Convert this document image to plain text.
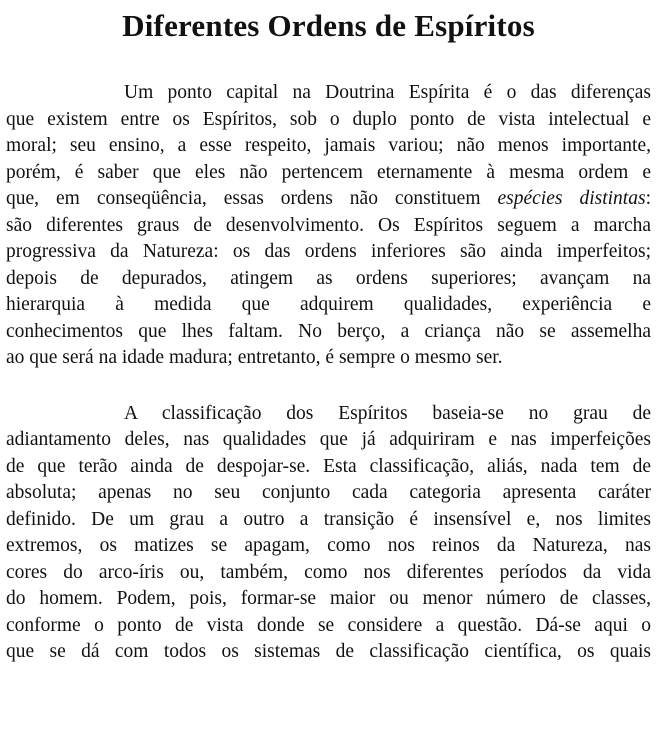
Diferentes Ordens de Espíritos
Um ponto capital na Doutrina Espírita é o das diferenças
que existem entre os Espíritos, sob o duplo ponto de vista intelectual e
moral; seu ensino, a esse respeito, jamais variou; não menos importante,
porém, é saber que eles não pertencem eternamente à mesma ordem e
que, em conseqüência, essas ordens não constituem espécies distintas:
são diferentes graus de desenvolvimento. Os Espíritos seguem a marcha
progressiva da Natureza: os das ordens inferiores são ainda imperfeitos;
depois de depurados, atingem as ordens superiores; avançam na
hierarquia à medida que adquirem qualidades, experiência e
conhecimentos que lhes faltam. No berço, a criança não se assemelha
ao que será na idade madura; entretanto, é sempre o mesmo ser.
A classificação dos Espíritos baseia-se no grau de
adiantamento deles, nas qualidades que já adquiriram e nas imperfeições
de que terão ainda de despojar-se. Esta classificação, aliás, nada tem de
absoluta; apenas no seu conjunto cada categoria apresenta caráter
definido. De um grau a outro a transição é insensível e, nos limites
extremos, os matizes se apagam, como nos reinos da Natureza, nas
cores do arco-íris ou, também, como nos diferentes períodos da vida
do homem. Podem, pois, formar-se maior ou menor número de classes,
conforme o ponto de vista donde se considere a questão. Dá-se aqui o
que se dá com todos os sistemas de classificação científica, os quais
